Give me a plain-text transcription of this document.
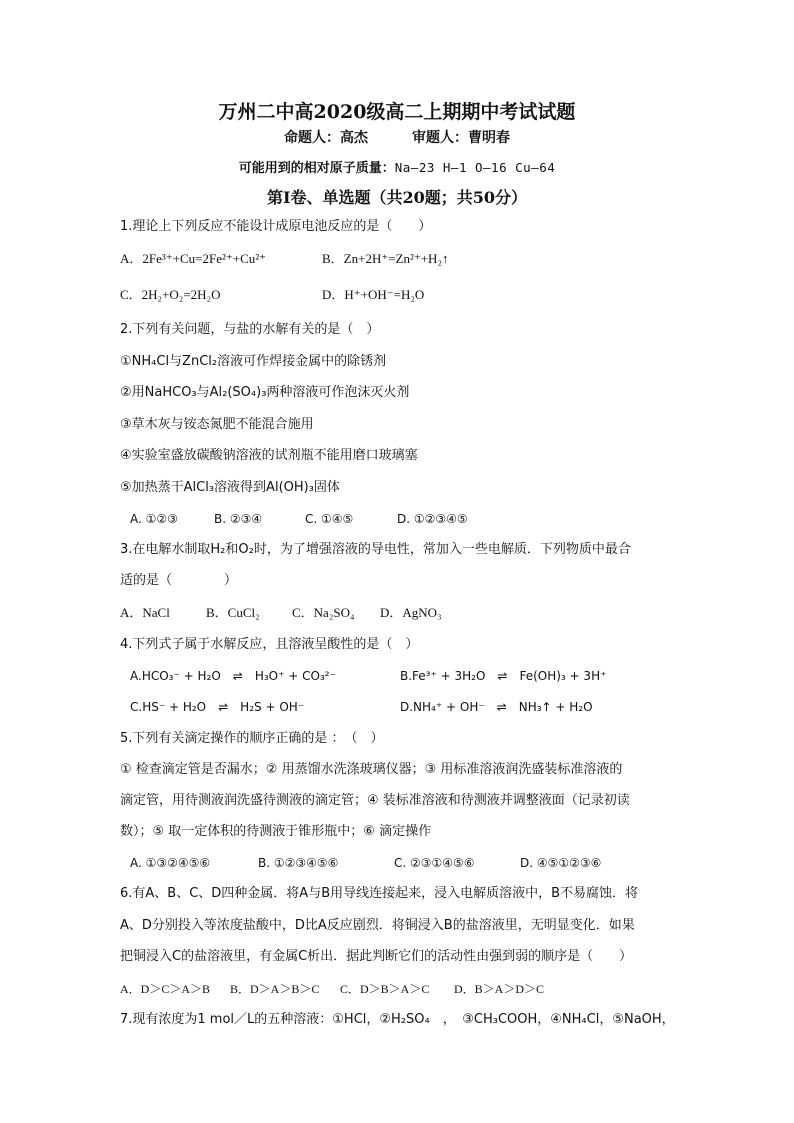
万州二中高2020级高二上期期中考试试题
命题人：高杰	审题人：曹明春
可能用到的相对原子质量：Na—23 H—1 O—16 Cu—64
第Ⅰ卷、单选题（共20题；共50分）
1.理论上下列反应不能设计成原电池反应的是（　　）
A．2Fe³⁺+Cu=2Fe²⁺+Cu²⁺	B．Zn+2H⁺=Zn²⁺+H₂↑
C．2H₂+O₂=2H₂O	D．H⁺+OH⁻=H₂O
2.下列有关问题，与盐的水解有关的是（　）
①NH₄Cl与ZnCl₂溶液可作焊接金属中的除锈剂
②用NaHCO₃与Al₂(SO₄)₃两种溶液可作泡沫灭火剂
③草木灰与铵态氮肥不能混合施用
④实验室盛放碳酸钠溶液的试剂瓶不能用磨口玻璃塞
⑤加热蒸干AlCl₃溶液得到Al(OH)₃固体
A. ①②③	B. ②③④	C. ①④⑤	D. ①②③④⑤
3.在电解水制取H₂和O₂时，为了增强溶液的导电性，常加入一些电解质．下列物质中最合
适的是（　　　　）
A．NaCl	B．CuCl₂ C．Na₂SO₄ D．AgNO₃
4.下列式子属于水解反应，且溶液呈酸性的是（　）
A.HCO₃⁻ + H₂O　⇌　H₃O⁺ + CO₃²⁻	B.Fe³⁺ + 3H₂O　⇌　Fe(OH)₃ + 3H⁺
C.HS⁻ + H₂O　⇌　H₂S + OH⁻	D.NH₄⁺ + OH⁻　⇌　NH₃↑ + H₂O
5.下列有关滴定操作的顺序正确的是 ：　（　）
① 检查滴定管是否漏水；② 用蒸馏水洗涤玻璃仪器；③ 用标准溶液润洗盛装标准溶液的
滴定管，用待测液润洗盛待测液的滴定管；④ 装标准溶液和待测液并调整液面（记录初读
数）；⑤ 取一定体积的待测液于锥形瓶中；⑥ 滴定操作
A. ①③②④⑤⑥	B. ①②③④⑤⑥	C. ②③①④⑤⑥	D. ④⑤①②③⑥
6.有A、B、C、D四种金属．将A与B用导线连接起来，浸入电解质溶液中，B不易腐蚀．将
A、D分别投入等浓度盐酸中，D比A反应剧烈．将铜浸入B的盐溶液里，无明显变化．如果
把铜浸入C的盐溶液里，有金属C析出．据此判断它们的活动性由强到弱的顺序是（　　）
A．D＞C＞A＞B B．D＞A＞B＞C C．D＞B＞A＞C D．B＞A＞D＞C
7.现有浓度为1 mol／L的五种溶液：①HCl，②H₂SO₄　，　③CH₃COOH，④NH₄Cl，⑤NaOH，
